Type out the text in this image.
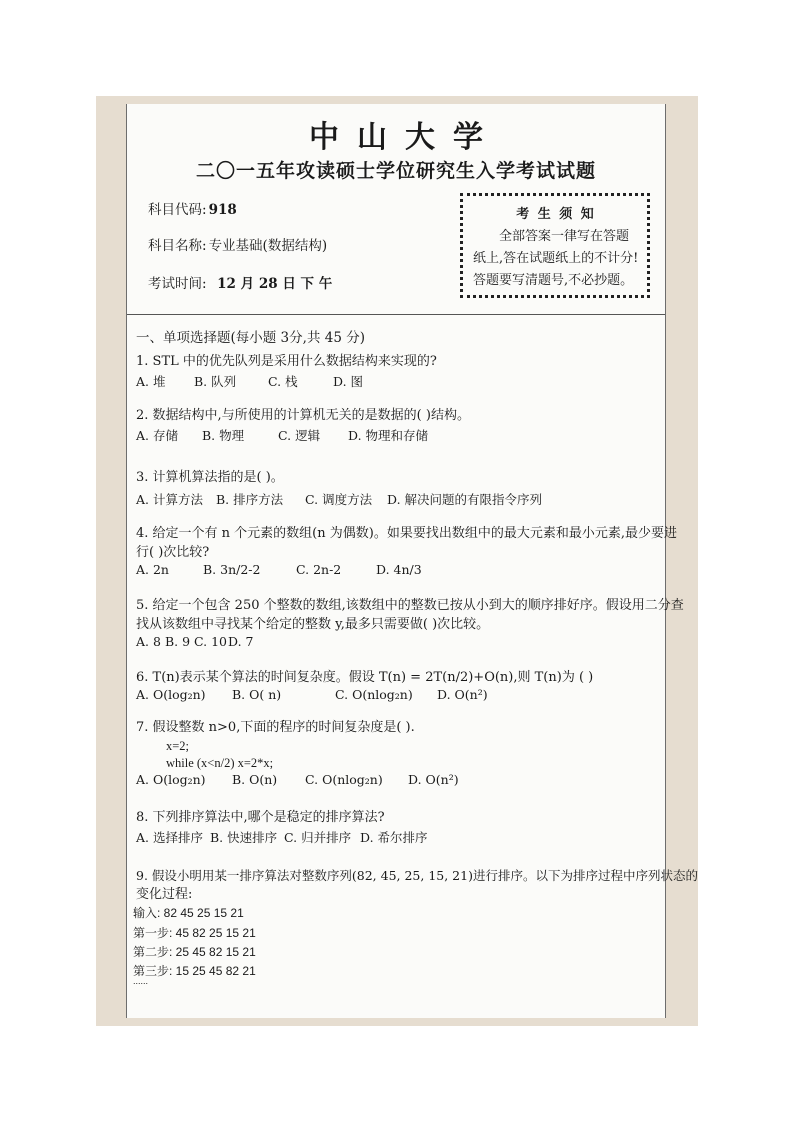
中山大学
二〇一五年攻读硕士学位研究生入学考试试题
科目代码: 918
科目名称: 专业基础(数据结构)
考试时间: 12 月 28 日 下 午
考 生 须 知
全部答案一律写在答题纸上,答在试题纸上的不计分!答题要写清题号,不必抄题。
一、单项选择题(每小题 3分,共 45 分)
1. STL 中的优先队列是采用什么数据结构来实现的?
A. 堆 B. 队列	C. 栈	D. 图
2. 数据结构中,与所使用的计算机无关的是数据的( )结构。
A. 存储 B. 物理	C. 逻辑 D. 物理和存储
3. 计算机算法指的是( )。
A. 计算方法 B. 排序方法 C. 调度方法 D. 解决问题的有限指令序列
4. 给定一个有 n 个元素的数组(n 为偶数)。如果要找出数组中的最大元素和最小元素,最少要进
行( )次比较?
A. 2n	B. 3n/2-2	C. 2n-2	D. 4n/3
5. 给定一个包含 250 个整数的数组,该数组中的整数已按从小到大的顺序排好序。假设用二分查
找从该数组中寻找某个给定的整数 y,最多只需要做( )次比较。
A. 8 B. 9 C. 10D. 7
6. T(n)表示某个算法的时间复杂度。假设 T(n) = 2T(n/2)+O(n),则 T(n)为 ( )
A. O(log₂n) B. O( n)	C. O(nlog₂n) D. O(n²)
7. 假设整数 n>0,下面的程序的时间复杂度是( ).
x=2;
while (x<n/2) x=2*x;
A. O(log₂n) B. O(n) C. O(nlog₂n) D. O(n²)
8. 下列排序算法中,哪个是稳定的排序算法?
A. 选择排序 B. 快速排序 C. 归并排序 D. 希尔排序
9. 假设小明用某一排序算法对整数序列(82, 45, 25, 15, 21)进行排序。以下为排序过程中序列状态的
变化过程:
输入: 82 45 25 15 21
第一步: 45 82 25 15 21
第二步: 25 45 82 15 21
第三步: 15 25 45 82 21
......
